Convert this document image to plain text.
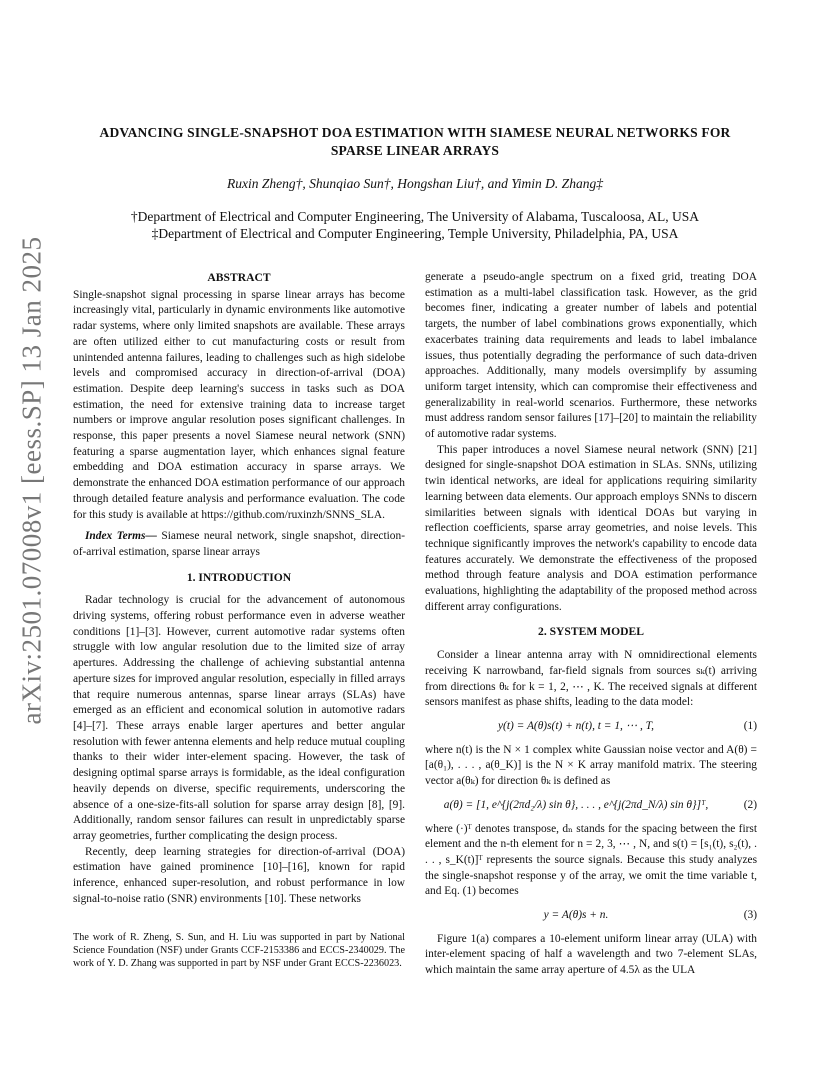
arXiv:2501.07008v1 [eess.SP] 13 Jan 2025
ADVANCING SINGLE-SNAPSHOT DOA ESTIMATION WITH SIAMESE NEURAL NETWORKS FOR SPARSE LINEAR ARRAYS
Ruxin Zheng†, Shunqiao Sun†, Hongshan Liu†, and Yimin D. Zhang‡
†Department of Electrical and Computer Engineering, The University of Alabama, Tuscaloosa, AL, USA
‡Department of Electrical and Computer Engineering, Temple University, Philadelphia, PA, USA
ABSTRACT

Single-snapshot signal processing in sparse linear arrays has become increasingly vital, particularly in dynamic environments like automotive radar systems, where only limited snapshots are available. These arrays are often utilized either to cut manufacturing costs or result from unintended antenna failures, leading to challenges such as high sidelobe levels and compromised accuracy in direction-of-arrival (DOA) estimation. Despite deep learning's success in tasks such as DOA estimation, the need for extensive training data to increase target numbers or improve angular resolution poses significant challenges. In response, this paper presents a novel Siamese neural network (SNN) featuring a sparse augmentation layer, which enhances signal feature embedding and DOA estimation accuracy in sparse arrays. We demonstrate the enhanced DOA estimation performance of our approach through detailed feature analysis and performance evaluation. The code for this study is available at https://github.com/ruxinzh/SNNS_SLA.

Index Terms— Siamese neural network, single snapshot, direction-of-arrival estimation, sparse linear arrays

1. INTRODUCTION

Radar technology is crucial for the advancement of autonomous driving systems, offering robust performance even in adverse weather conditions [1]–[3]. However, current automotive radar systems often struggle with low angular resolution due to the limited size of array apertures. Addressing the challenge of achieving substantial antenna aperture sizes for improved angular resolution, especially in filled arrays that require numerous antennas, sparse linear arrays (SLAs) have emerged as an efficient and economical solution in automotive radars [4]–[7]. These arrays enable larger apertures and better angular resolution with fewer antenna elements and help reduce mutual coupling thanks to their wider inter-element spacing. However, the task of designing optimal sparse arrays is formidable, as the ideal configuration heavily depends on diverse, specific requirements, underscoring the absence of a one-size-fits-all solution for sparse array design [8], [9]. Additionally, random sensor failures can result in unpredictably sparse array geometries, further complicating the design process.

Recently, deep learning strategies for direction-of-arrival (DOA) estimation have gained prominence [10]–[16], known for rapid inference, enhanced super-resolution, and robust performance in low signal-to-noise ratio (SNR) environments [10]. These networks

generate a pseudo-angle spectrum on a fixed grid, treating DOA estimation as a multi-label classification task. However, as the grid becomes finer, indicating a greater number of labels and potential targets, the number of label combinations grows exponentially, which exacerbates training data requirements and leads to label imbalance issues, thus potentially degrading the performance of such data-driven approaches. Additionally, many models oversimplify by assuming uniform target intensity, which can compromise their effectiveness and generalizability in real-world scenarios. Furthermore, these networks must address random sensor failures [17]–[20] to maintain the reliability of automotive radar systems.

This paper introduces a novel Siamese neural network (SNN) [21] designed for single-snapshot DOA estimation in SLAs. SNNs, utilizing twin identical networks, are ideal for applications requiring similarity learning between data elements. Our approach employs SNNs to discern similarities between signals with identical DOAs but varying in reflection coefficients, sparse array geometries, and noise levels. This technique significantly improves the network's capability to encode data features accurately. We demonstrate the effectiveness of the proposed method through feature analysis and DOA estimation performance evaluations, highlighting the adaptability of the proposed method across different array configurations.

2. SYSTEM MODEL

Consider a linear antenna array with N omnidirectional elements receiving K narrowband, far-field signals from sources sₖ(t) arriving from directions θₖ for k = 1, 2, ⋯ , K. The received signals at different sensors manifest as phase shifts, leading to the data model:

y(t) = A(θ)s(t) + n(t), t = 1, ⋯ , T,	(1)

where n(t) is the N × 1 complex white Gaussian noise vector and A(θ) = [a(θ₁), . . . , a(θ_K)] is the N × K array manifold matrix. The steering vector a(θₖ) for direction θₖ is defined as

a(θ) = [1, e^{j(2πd₂/λ) sin θ}, . . . , e^{j(2πd_N/λ) sin θ}]ᵀ,	(2)

where (·)ᵀ denotes transpose, dₙ stands for the spacing between the first element and the n-th element for n = 2, 3, ⋯ , N, and s(t) = [s₁(t), s₂(t), . . . , s_K(t)]ᵀ represents the source signals. Because this study analyzes the single-snapshot response y of the array, we omit the time variable t, and Eq. (1) becomes

y = A(θ)s + n.	(3)

Figure 1(a) compares a 10-element uniform linear array (ULA) with inter-element spacing of half a wavelength and two 7-element SLAs, which maintain the same array aperture of 4.5λ as the ULA

The work of R. Zheng, S. Sun, and H. Liu was supported in part by National Science Foundation (NSF) under Grants CCF-2153386 and ECCS-2340029. The work of Y. D. Zhang was supported in part by NSF under Grant ECCS-2236023.
